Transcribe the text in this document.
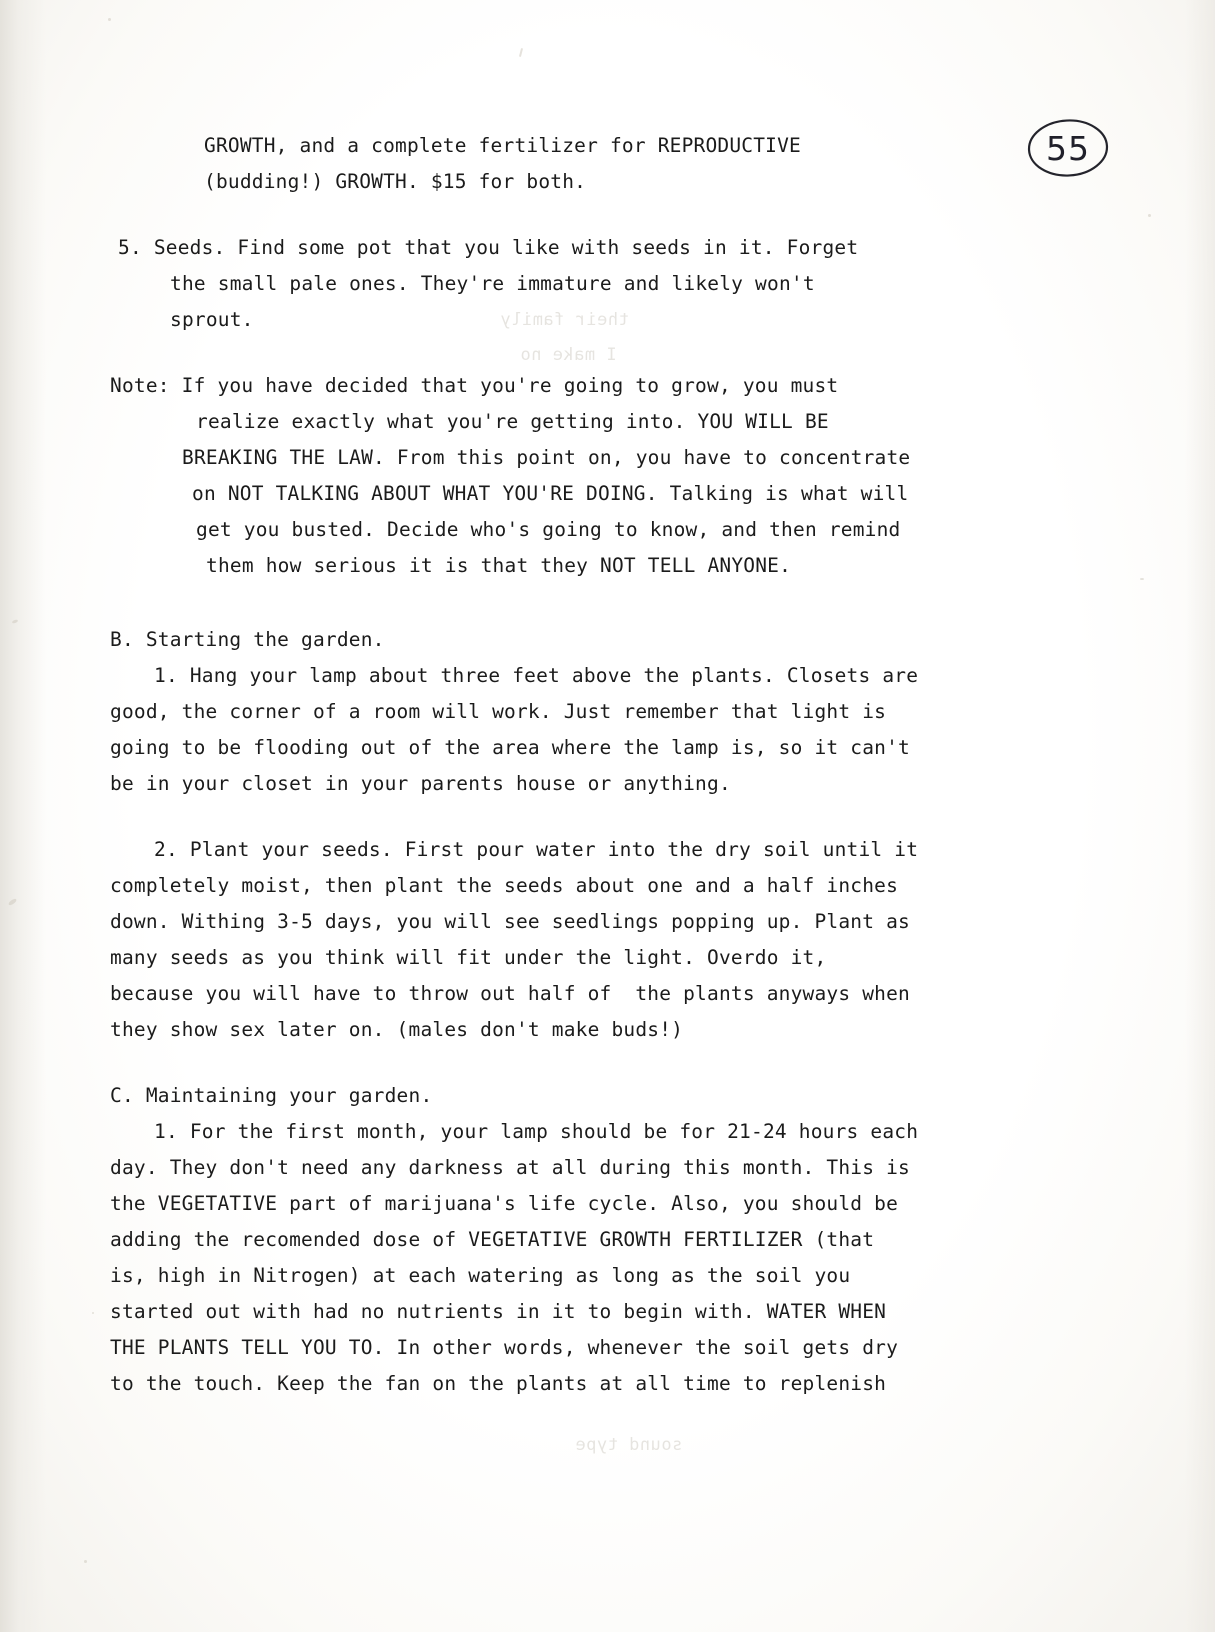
their family
I make no
sound type
55
GROWTH, and a complete fertilizer for REPRODUCTIVE
(budding!) GROWTH. $15 for both.
5. Seeds. Find some pot that you like with seeds in it. Forget
the small pale ones. They're immature and likely won't
sprout.
Note: If you have decided that you're going to grow, you must
realize exactly what you're getting into. YOU WILL BE
BREAKING THE LAW. From this point on, you have to concentrate
on NOT TALKING ABOUT WHAT YOU'RE DOING. Talking is what will
get you busted. Decide who's going to know, and then remind
them how serious it is that they NOT TELL ANYONE.
B. Starting the garden.
1. Hang your lamp about three feet above the plants. Closets are
good, the corner of a room will work. Just remember that light is
going to be flooding out of the area where the lamp is, so it can't
be in your closet in your parents house or anything.
2. Plant your seeds. First pour water into the dry soil until it
completely moist, then plant the seeds about one and a half inches
down. Withing 3-5 days, you will see seedlings popping up. Plant as
many seeds as you think will fit under the light. Overdo it,
because you will have to throw out half of  the plants anyways when
they show sex later on. (males don't make buds!)
C. Maintaining your garden.
1. For the first month, your lamp should be for 21-24 hours each
day. They don't need any darkness at all during this month. This is
the VEGETATIVE part of marijuana's life cycle. Also, you should be
adding the recomended dose of VEGETATIVE GROWTH FERTILIZER (that
is, high in Nitrogen) at each watering as long as the soil you
started out with had no nutrients in it to begin with. WATER WHEN
THE PLANTS TELL YOU TO. In other words, whenever the soil gets dry
to the touch. Keep the fan on the plants at all time to replenish
